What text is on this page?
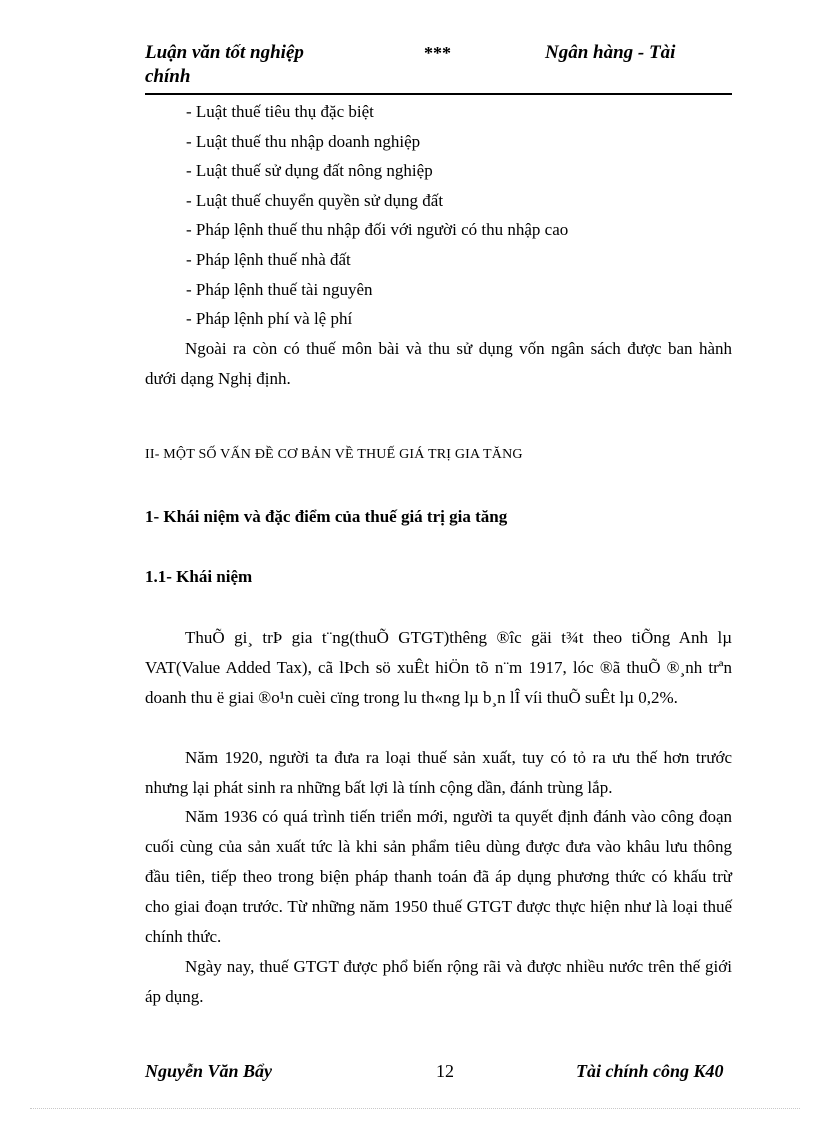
Luận văn tốt nghiệp chính
***	Ngân hàng - Tài
- Luật thuế tiêu thụ đặc biệt
- Luật thuế thu nhập doanh nghiệp
- Luật thuế sử dụng đất nông nghiệp
- Luật thuế chuyển quyền sử dụng đất
- Pháp lệnh thuế thu nhập đối với người có thu nhập cao
- Pháp lệnh thuế nhà đất
- Pháp lệnh thuế tài nguyên
- Pháp lệnh phí và lệ phí

Ngoài ra còn có thuế môn bài và thu sử dụng vốn ngân sách được ban hành dưới dạng Nghị định.

II- MỘT SỐ VẤN ĐỀ CƠ BẢN VỀ THUẾ GIÁ TRỊ GIA TĂNG

1- Khái niệm và đặc điểm của thuế giá trị gia tăng

1.1- Khái niệm

ThuÕ gi¸ trÞ gia t¨ng(thuÕ GTGT)thêng ®îc gäi t¾t theo tiÕng Anh lµ VAT(Value Added Tax), cã lÞch sö xuÊt hiÖn tõ n¨m 1917, lóc ®ã thuÕ ®¸nh trªn doanh thu ë giai ®o¹n cuèi cïng trong lu th«ng lµ b¸n lÎ víi thuÕ suÊt lµ 0,2%.

Năm 1920, người ta đưa ra loại thuế sản xuất, tuy có tỏ ra ưu thế hơn trước nhưng lại phát sinh ra những bất lợi là tính cộng dần, đánh trùng lắp.

Năm 1936 có quá trình tiến triển mới, người ta quyết định đánh vào công đoạn cuối cùng của sản xuất tức là khi sản phẩm tiêu dùng được đưa vào khâu lưu thông đầu tiên, tiếp theo trong biện pháp thanh toán đã áp dụng phương thức có khấu trừ cho giai đoạn trước. Từ những năm 1950 thuế GTGT được thực hiện như là loại thuế chính thức.

Ngày nay, thuế GTGT được phổ biến rộng rãi và được nhiều nước trên thế giới áp dụng.

Nguyễn Văn Bẩy	12	Tài chính công K40
